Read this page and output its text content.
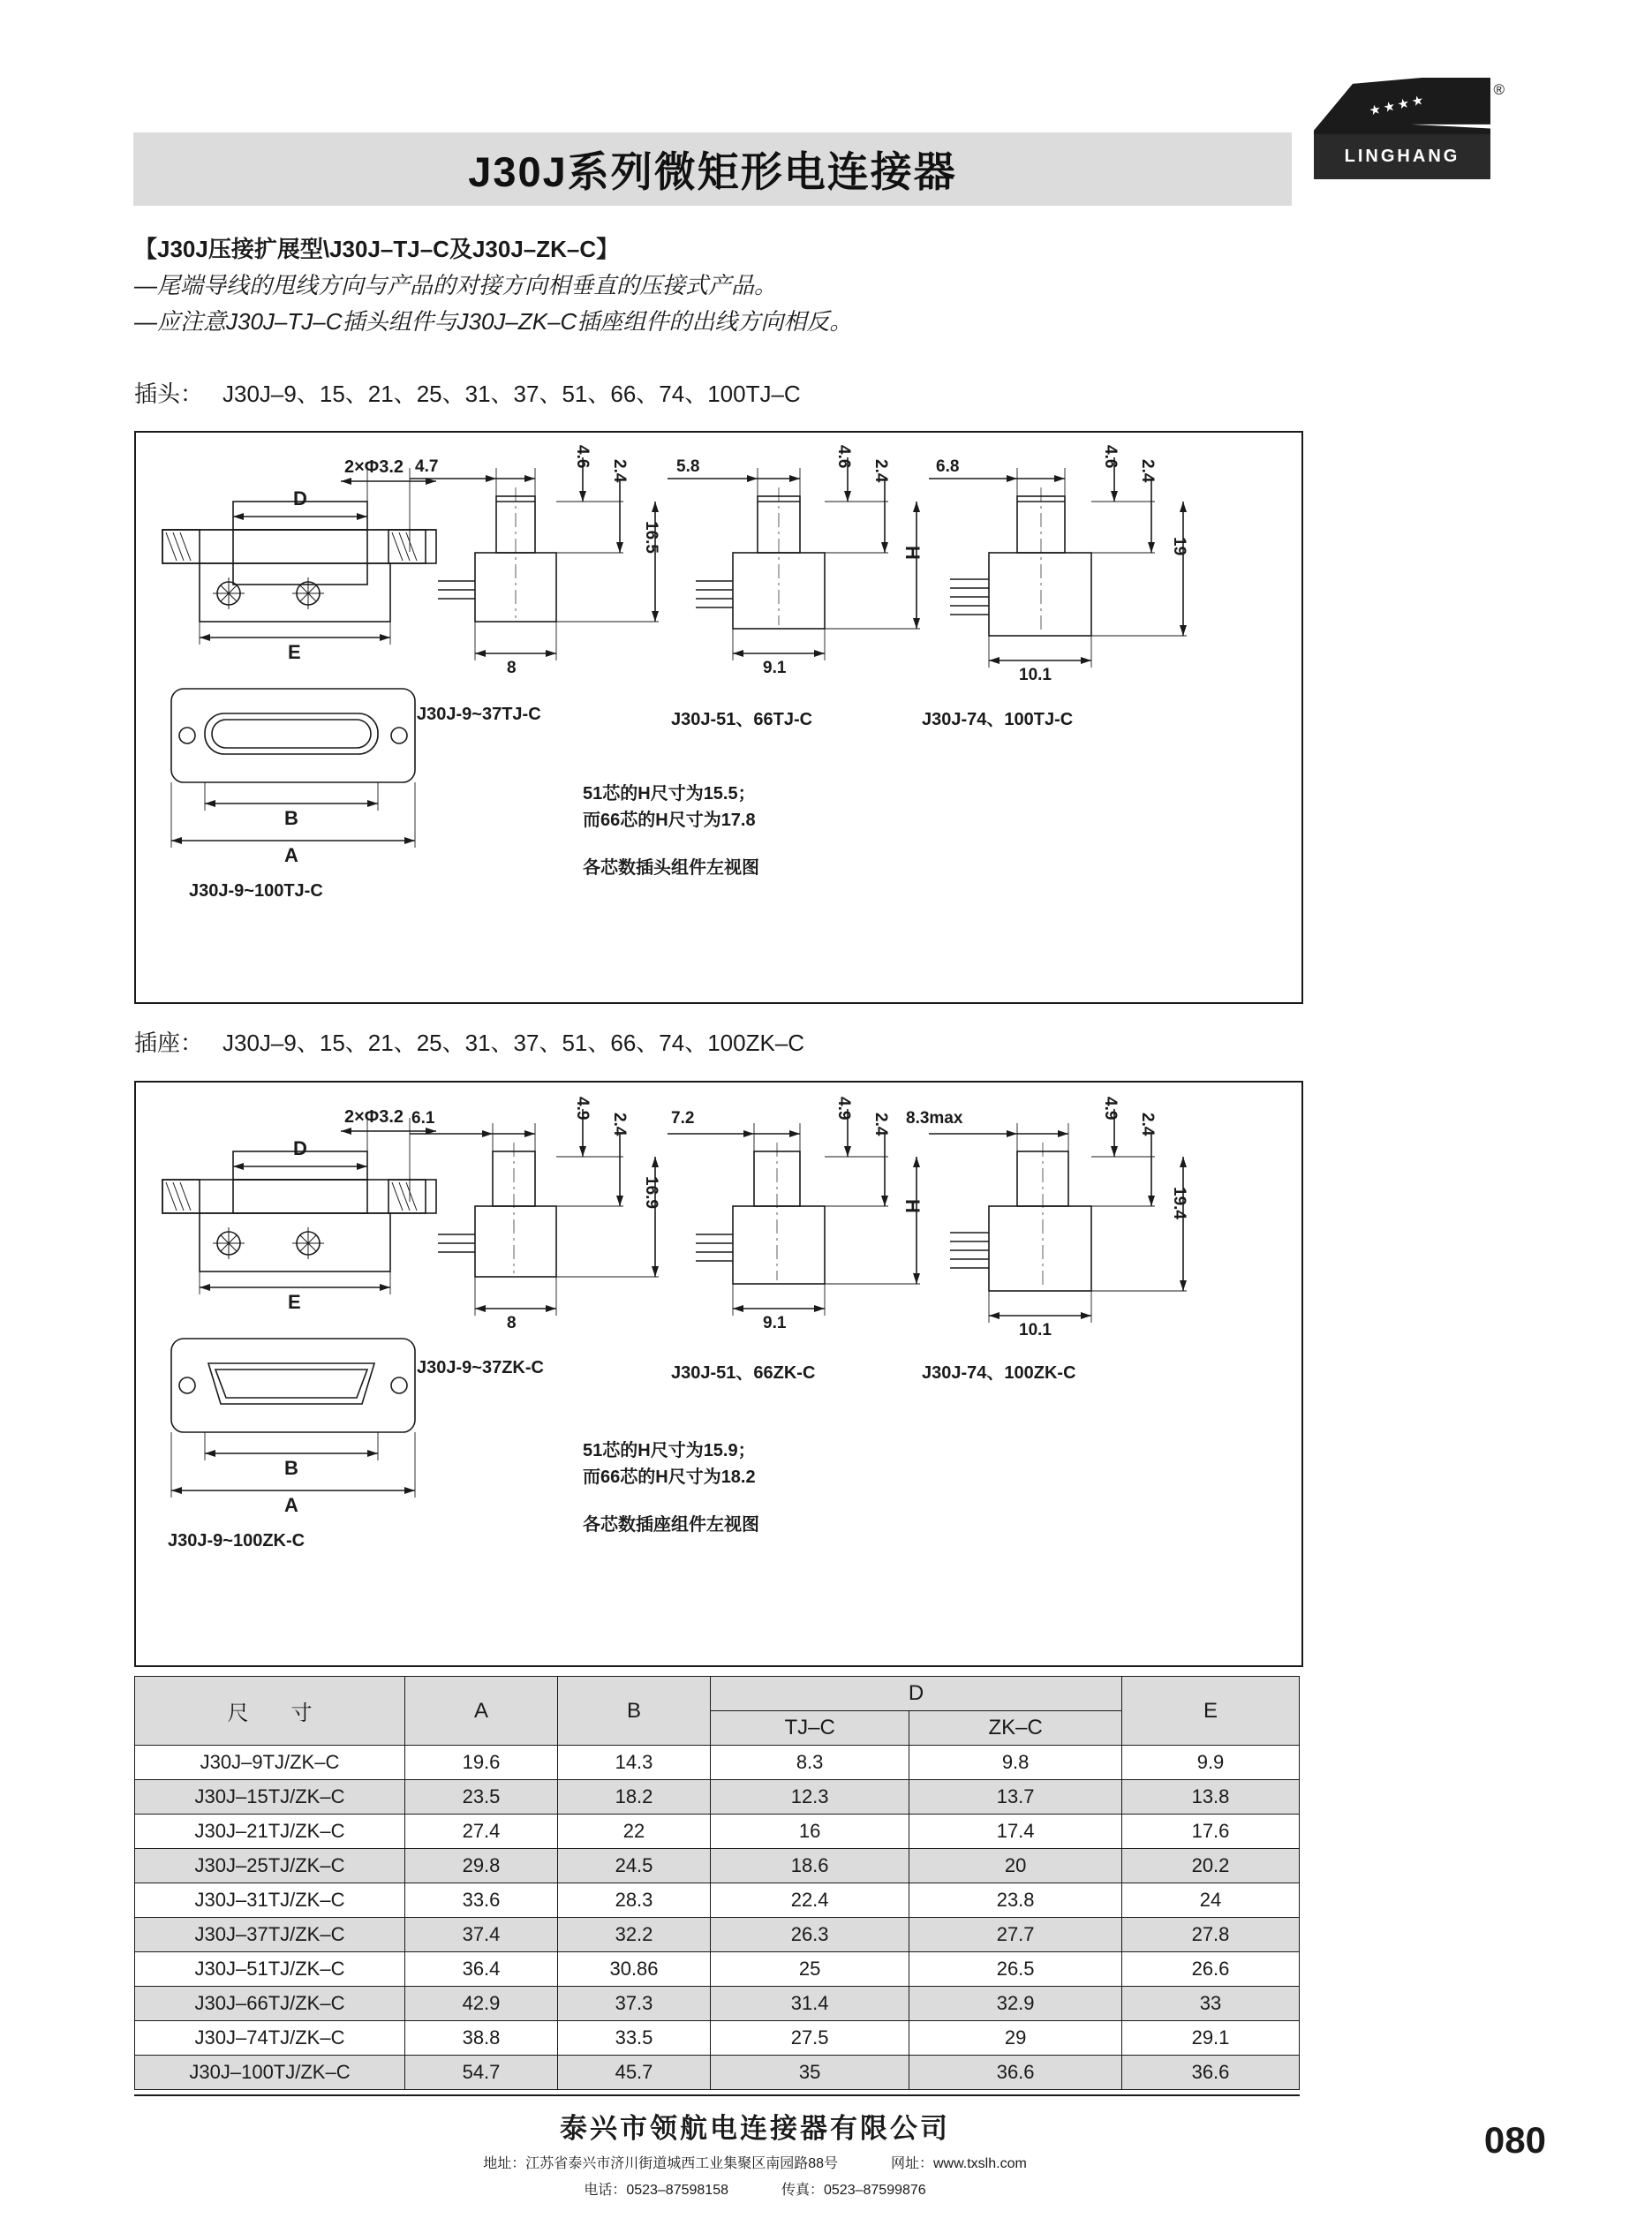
J30J系列微矩形电连接器
★★★★
LINGHANG
®
【J30J压接扩展型\J30J–TJ–C及J30J–ZK–C】
—尾端导线的甩线方向与产品的对接方向相垂直的压接式产品。
—应注意J30J–TJ–C插头组件与J30J–ZK–C插座组件的出线方向相反。
插头： J30J–9、15、21、25、31、37、51、66、74、100TJ–C
2×Φ3.2
D
E
B
A
J30J-9~100TJ-C
4.7	4.6
2.4
16.5
8
5.8	4.6
2.4
H
9.1
6.8	4.6
2.4
19
10.1
J30J-9~37TJ-C	J30J-51、66TJ-C	J30J-74、100TJ-C
51芯的H尺寸为15.5；
而66芯的H尺寸为17.8
各芯数插头组件左视图
插座： J30J–9、15、21、25、31、37、51、66、74、100ZK–C
2×Φ3.2
D
E
B
A
J30J-9~100ZK-C
6.1	4.9
2.4
16.9
8
7.2	4.9
2.4
H
9.1
8.3max	4.9
2.4
19.4
10.1
J30J-9~37ZK-C	J30J-51、66ZK-C	J30J-74、100ZK-C
51芯的H尺寸为15.9；
而66芯的H尺寸为18.2
各芯数插座组件左视图
尺　　寸	A	B	D		E
			TJ–C	ZK–C	
J30J–9TJ/ZK–C	19.6	14.3	8.3	9.8	9.9
J30J–15TJ/ZK–C	23.5	18.2	12.3	13.7	13.8
J30J–21TJ/ZK–C	27.4	22	16	17.4	17.6
J30J–25TJ/ZK–C	29.8	24.5	18.6	20	20.2
J30J–31TJ/ZK–C	33.6	28.3	22.4	23.8	24
J30J–37TJ/ZK–C	37.4	32.2	26.3	27.7	27.8
J30J–51TJ/ZK–C	36.4	30.86	25	26.5	26.6
J30J–66TJ/ZK–C	42.9	37.3	31.4	32.9	33
J30J–74TJ/ZK–C	38.8	33.5	27.5	29	29.1
J30J–100TJ/ZK–C	54.7	45.7	35	36.6	36.6
泰兴市领航电连接器有限公司
地址：江苏省泰兴市济川街道城西工业集聚区南园路88号	网址：www.txslh.com
电话：0523–87598158	传真：0523–87599876
080
